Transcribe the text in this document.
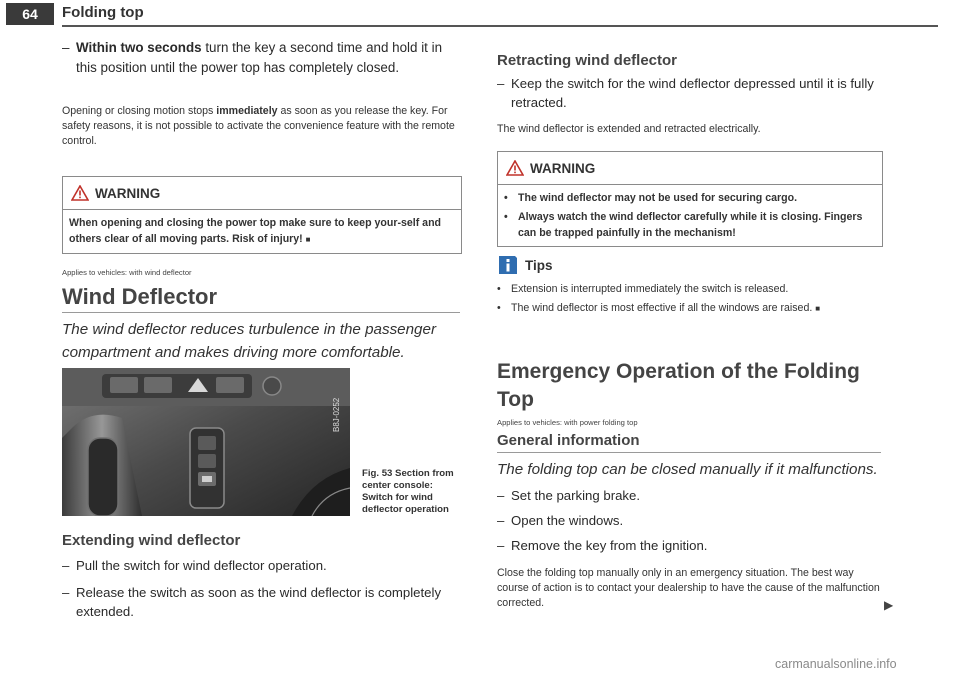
64	Folding top
– Within two seconds turn the key a second time and hold it in this position until the power top has completely closed.
Opening or closing motion stops immediately as soon as you release the key. For safety reasons, it is not possible to activate the convenience feature with the remote control.
WARNING
When opening and closing the power top make sure to keep your-self and others clear of all moving parts. Risk of injury! ■
Applies to vehicles: with wind deflector
Wind Deflector
The wind deflector reduces turbulence in the passenger compartment and makes driving more comfortable.
B8J-0252
Fig. 53 Section from center console: Switch for wind deflector operation
Extending wind deflector
– Pull the switch for wind deflector operation.
– Release the switch as soon as the wind deflector is completely extended.
Retracting wind deflector
– Keep the switch for the wind deflector depressed until it is fully retracted.
The wind deflector is extended and retracted electrically.
WARNING
• The wind deflector may not be used for securing cargo.
• Always watch the wind deflector carefully while it is closing. Fingers can be trapped painfully in the mechanism!
Tips
• Extension is interrupted immediately the switch is released.
• The wind deflector is most effective if all the windows are raised. ■
Emergency Operation of the Folding
Top
Applies to vehicles: with power folding top
General information
The folding top can be closed manually if it malfunctions.
– Set the parking brake.
– Open the windows.
– Remove the key from the ignition.
Close the folding top manually only in an emergency situation. The best way course of action is to contact your dealership to have the cause of the malfunction corrected.	▶
carmanualsonline.info
